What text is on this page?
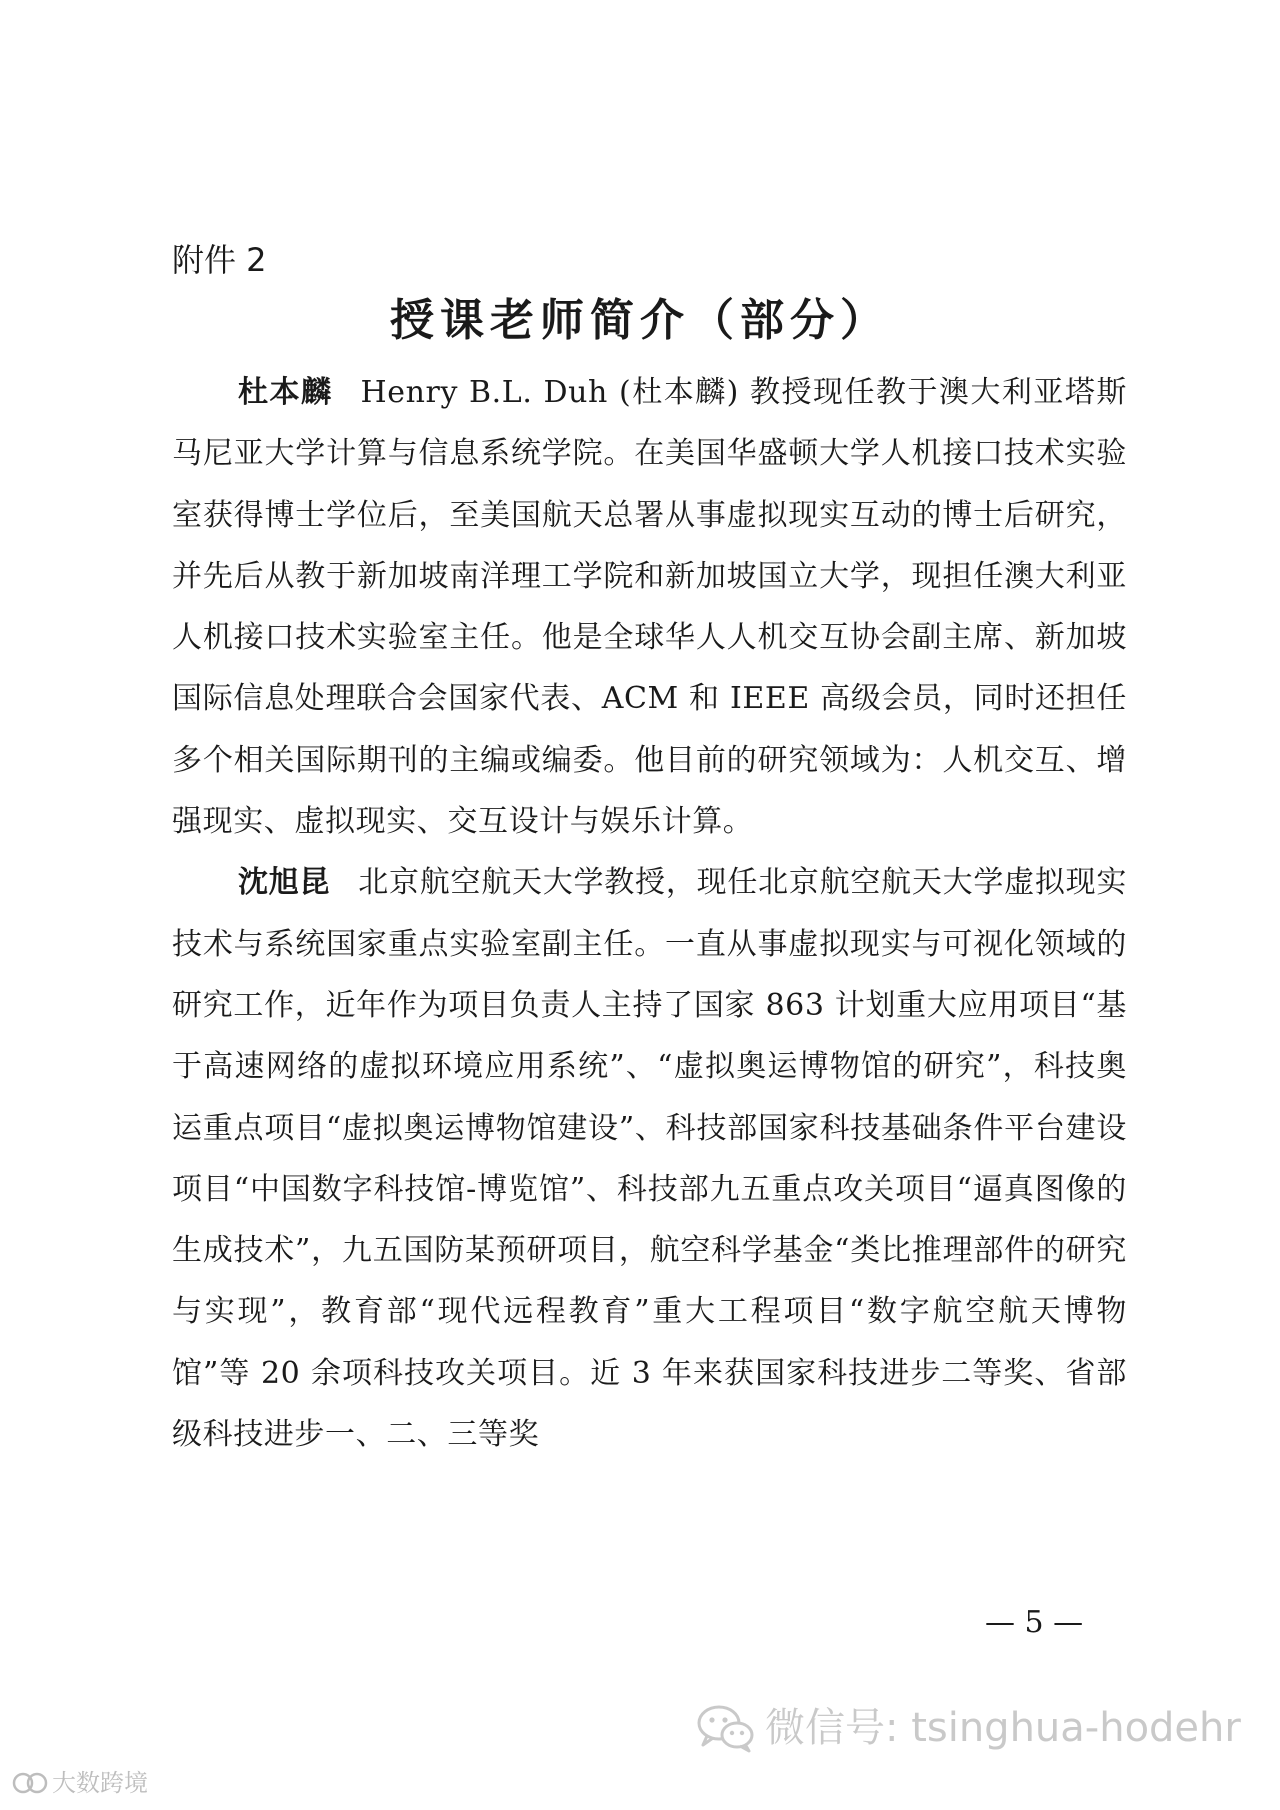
附件 2
授课老师简介（部分）

杜本麟 Henry B.L. Duh (杜本麟) 教授现任教于澳大利亚塔斯马尼亚大学计算与信息系统学院。在美国华盛顿大学人机接口技术实验室获得博士学位后，至美国航天总署从事虚拟现实互动的博士后研究，并先后从教于新加坡南洋理工学院和新加坡国立大学，现担任澳大利亚人机接口技术实验室主任。他是全球华人人机交互协会副主席、新加坡国际信息处理联合会国家代表、ACM 和 IEEE 高级会员，同时还担任多个相关国际期刊的主编或编委。他目前的研究领域为：人机交互、增强现实、虚拟现实、交互设计与娱乐计算。

沈旭昆 北京航空航天大学教授，现任北京航空航天大学虚拟现实技术与系统国家重点实验室副主任。一直从事虚拟现实与可视化领域的研究工作，近年作为项目负责人主持了国家 863 计划重大应用项目“基于高速网络的虚拟环境应用系统”、“虚拟奥运博物馆的研究”，科技奥运重点项目“虚拟奥运博物馆建设”、科技部国家科技基础条件平台建设项目“中国数字科技馆-博览馆”、科技部九五重点攻关项目“逼真图像的生成技术”，九五国防某预研项目，航空科学基金“类比推理部件的研究与实现”，教育部“现代远程教育”重大工程项目“数字航空航天博物馆”等 20 余项科技攻关项目。近 3 年来获国家科技进步二等奖、省部级科技进步一、二、三等奖

— 5 —
微信号: tsinghua-hodehr
大数跨境
